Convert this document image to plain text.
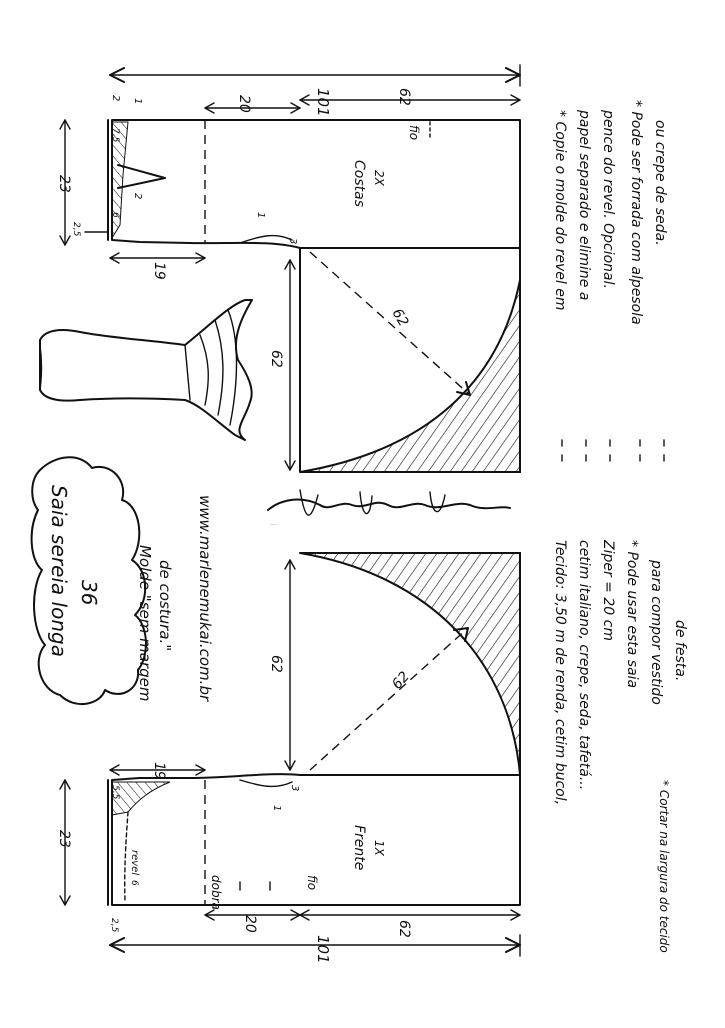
101
20	62
23
2 1
7,5
2
6
2,5
1
3
19
62
62
Costas 2X
fio
Marlene Mukai
Saia sereia longa 36 Molde "sem margem de costura." www.marlenemukai.com.br
101
20	62
23
19
5,5
1
3
6
revel
2,5
62
62
Frente 1X
dobra	fio
Tecido: 3,50 m de renda, cetim bucol, cetim italiano, crepe, seda, tafetá... Ziper = 20 cm
* Cortar na largura do tecido
* Pode usar esta saia para compor vestido de festa.
* Copie o molde do revel em papel separado e elimine a pence do revel. Opcional. * Pode ser forrada com alpesola ou crepe de seda.
